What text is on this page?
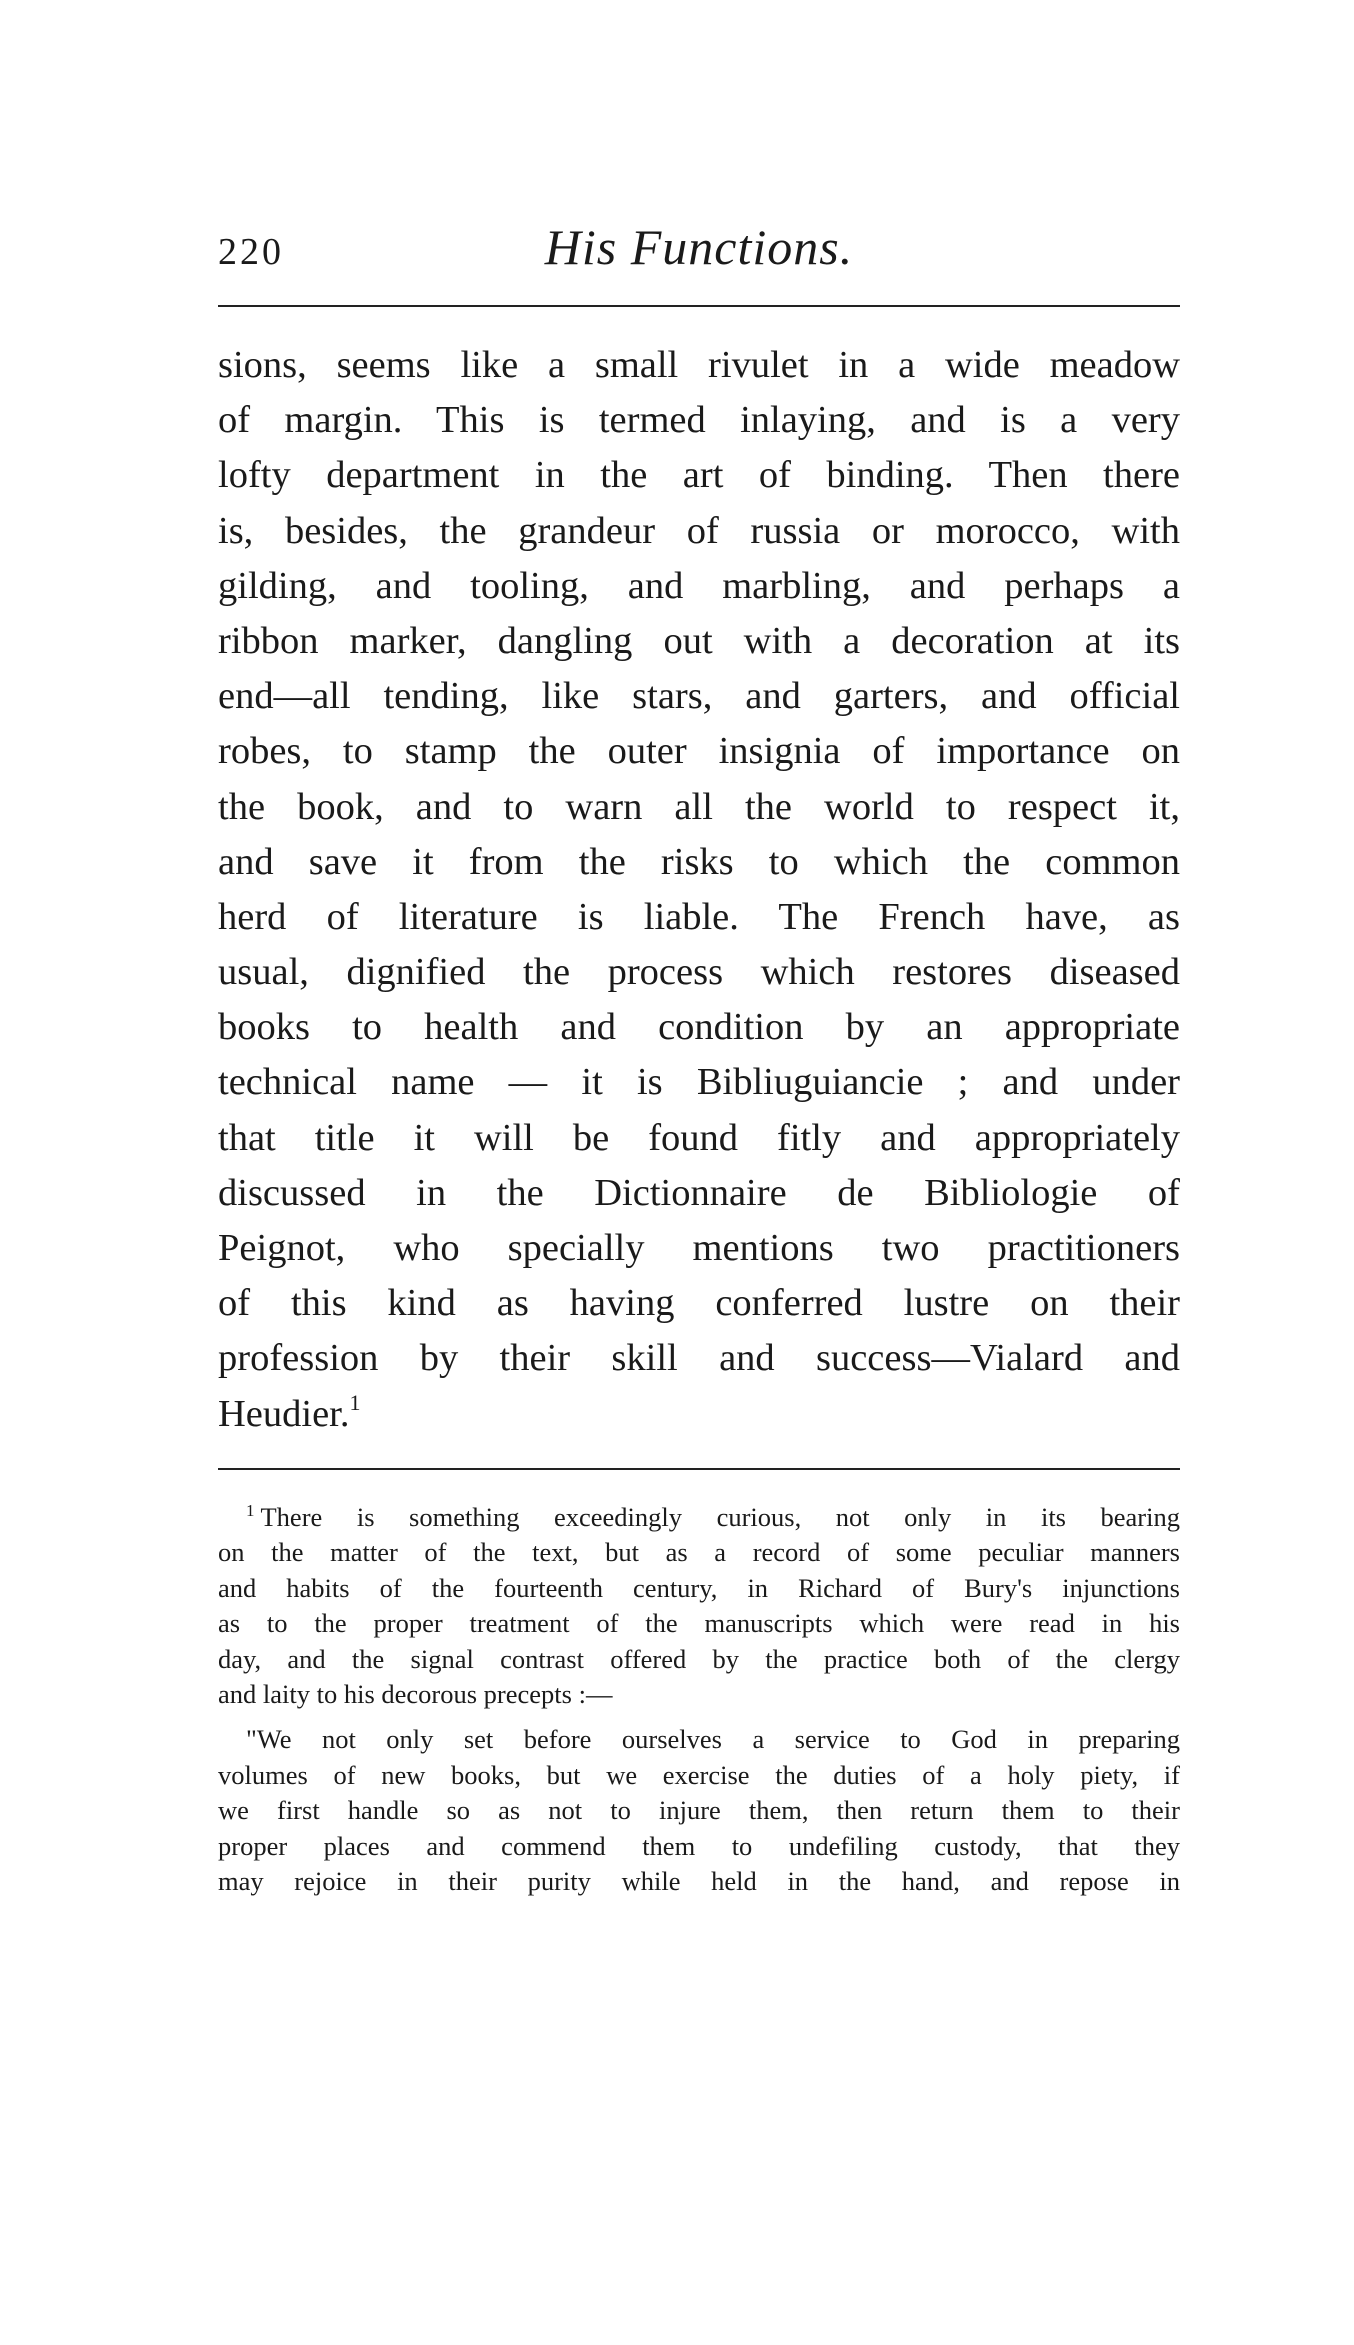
220	His Functions.
sions, seems like a small rivulet in a wide meadow
of margin. This is termed inlaying, and is a very
lofty department in the art of binding. Then there
is, besides, the grandeur of russia or morocco, with
gilding, and tooling, and marbling, and perhaps a
ribbon marker, dangling out with a decoration at its
end—all tending, like stars, and garters, and official
robes, to stamp the outer insignia of importance on
the book, and to warn all the world to respect it,
and save it from the risks to which the common
herd of literature is liable. The French have, as
usual, dignified the process which restores diseased
books to health and condition by an appropriate
technical name — it is Bibliuguiancie ; and under
that title it will be found fitly and appropriately
discussed in the Dictionnaire de Bibliologie of
Peignot, who specially mentions two practitioners
of this kind as having conferred lustre on their
profession by their skill and success—Vialard and
Heudier.$^1$
$^1$ There is something exceedingly curious, not only in its bearing
on the matter of the text, but as a record of some peculiar manners
and habits of the fourteenth century, in Richard of Bury's injunctions
as to the proper treatment of the manuscripts which were read in his
day, and the signal contrast offered by the practice both of the clergy
and laity to his decorous precepts :—
"We not only set before ourselves a service to God in preparing
volumes of new books, but we exercise the duties of a holy piety, if
we first handle so as not to injure them, then return them to their
proper places and commend them to undefiling custody, that they
may rejoice in their purity while held in the hand, and repose in
